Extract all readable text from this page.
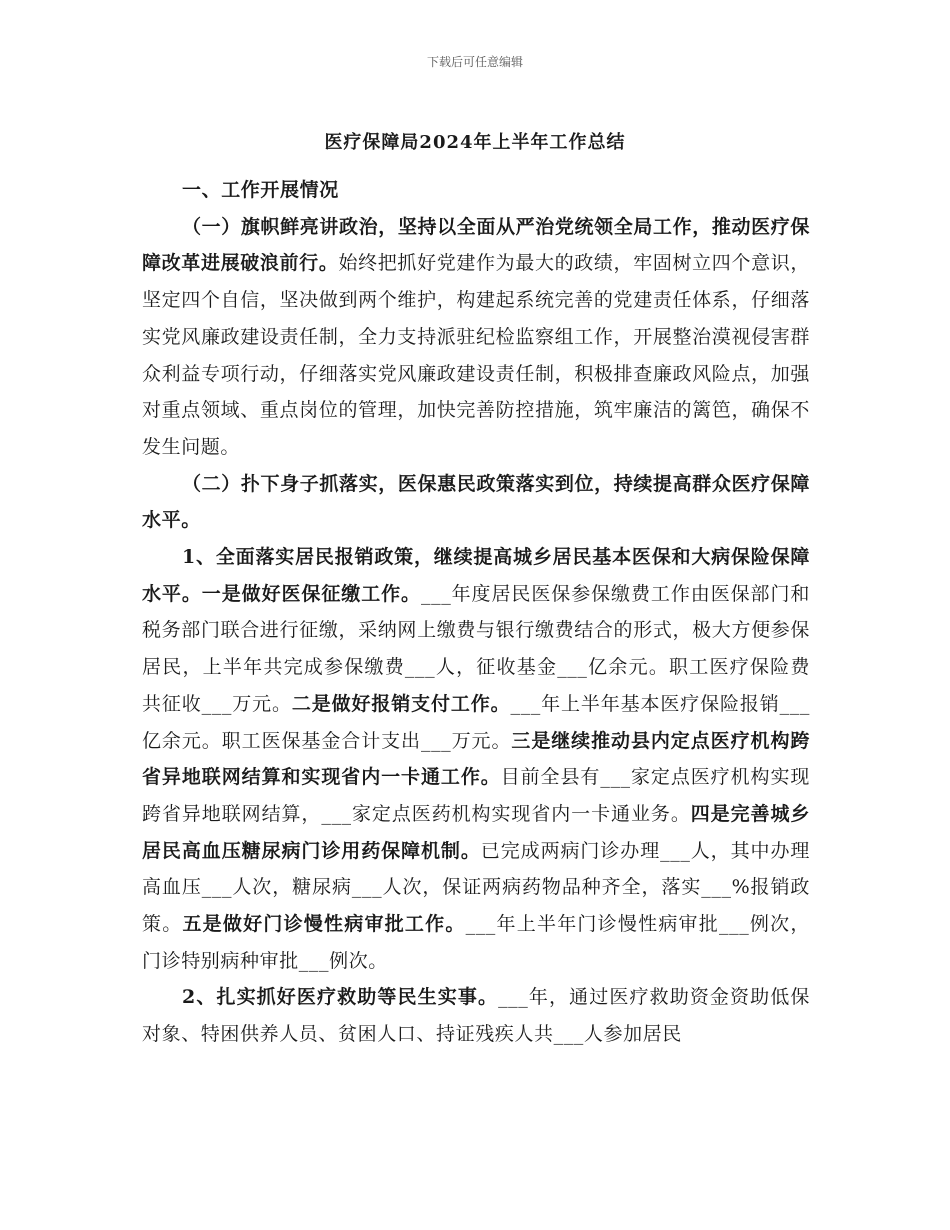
下载后可任意编辑
医疗保障局2024年上半年工作总结

一、工作开展情况

（一）旗帜鲜亮讲政治，坚持以全面从严治党统领全局工作，推动医疗保障改革进展破浪前行。始终把抓好党建作为最大的政绩，牢固树立四个意识，坚定四个自信，坚决做到两个维护，构建起系统完善的党建责任体系，仔细落实党风廉政建设责任制，全力支持派驻纪检监察组工作，开展整治漠视侵害群众利益专项行动，仔细落实党风廉政建设责任制，积极排查廉政风险点，加强对重点领域、重点岗位的管理，加快完善防控措施，筑牢廉洁的篱笆，确保不发生问题。

（二）扑下身子抓落实，医保惠民政策落实到位，持续提高群众医疗保障水平。

1、全面落实居民报销政策，继续提高城乡居民基本医保和大病保险保障水平。一是做好医保征缴工作。___年度居民医保参保缴费工作由医保部门和税务部门联合进行征缴，采纳网上缴费与银行缴费结合的形式，极大方便参保居民，上半年共完成参保缴费___人，征收基金___亿余元。职工医疗保险费共征收___万元。二是做好报销支付工作。___年上半年基本医疗保险报销___亿余元。职工医保基金合计支出___万元。三是继续推动县内定点医疗机构跨省异地联网结算和实现省内一卡通工作。目前全县有___家定点医疗机构实现跨省异地联网结算，___家定点医药机构实现省内一卡通业务。四是完善城乡居民高血压糖尿病门诊用药保障机制。已完成两病门诊办理___人，其中办理高血压___人次，糖尿病___人次，保证两病药物品种齐全，落实___%报销政策。五是做好门诊慢性病审批工作。___年上半年门诊慢性病审批___例次，门诊特别病种审批___例次。

2、扎实抓好医疗救助等民生实事。___年，通过医疗救助资金资助低保对象、特困供养人员、贫困人口、持证残疾人共___人参加居民
